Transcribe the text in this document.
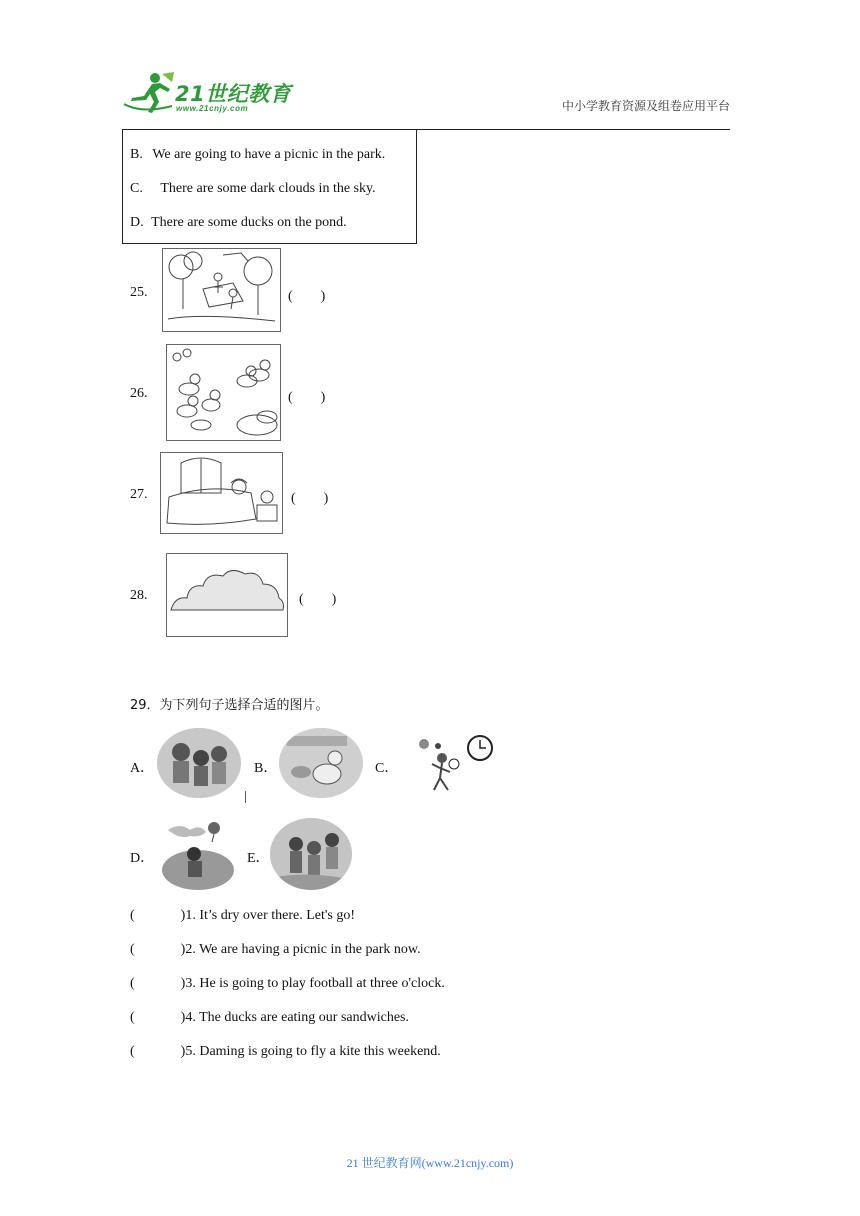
21世纪教育
www.21cnjy.com	中小学教育资源及组卷应用平台
B. We are going to have a picnic in the park.
C. There are some dark clouds in the sky.
D. There are some ducks on the pond.
25.	(　　)
26.	(　　)
27.	(　　)
28.	(　　)
29．为下列句子选择合适的图片。
A．
│
B．	C．
D．	E．
(	)1. It’s dry over there. Let's go!
(	)2. We are having a picnic in the park now.
(	)3. He is going to play football at three o'clock.
(	)4. The ducks are eating our sandwiches.
(	)5. Daming is going to fly a kite this weekend.
21 世纪教育网(www.21cnjy.com)
